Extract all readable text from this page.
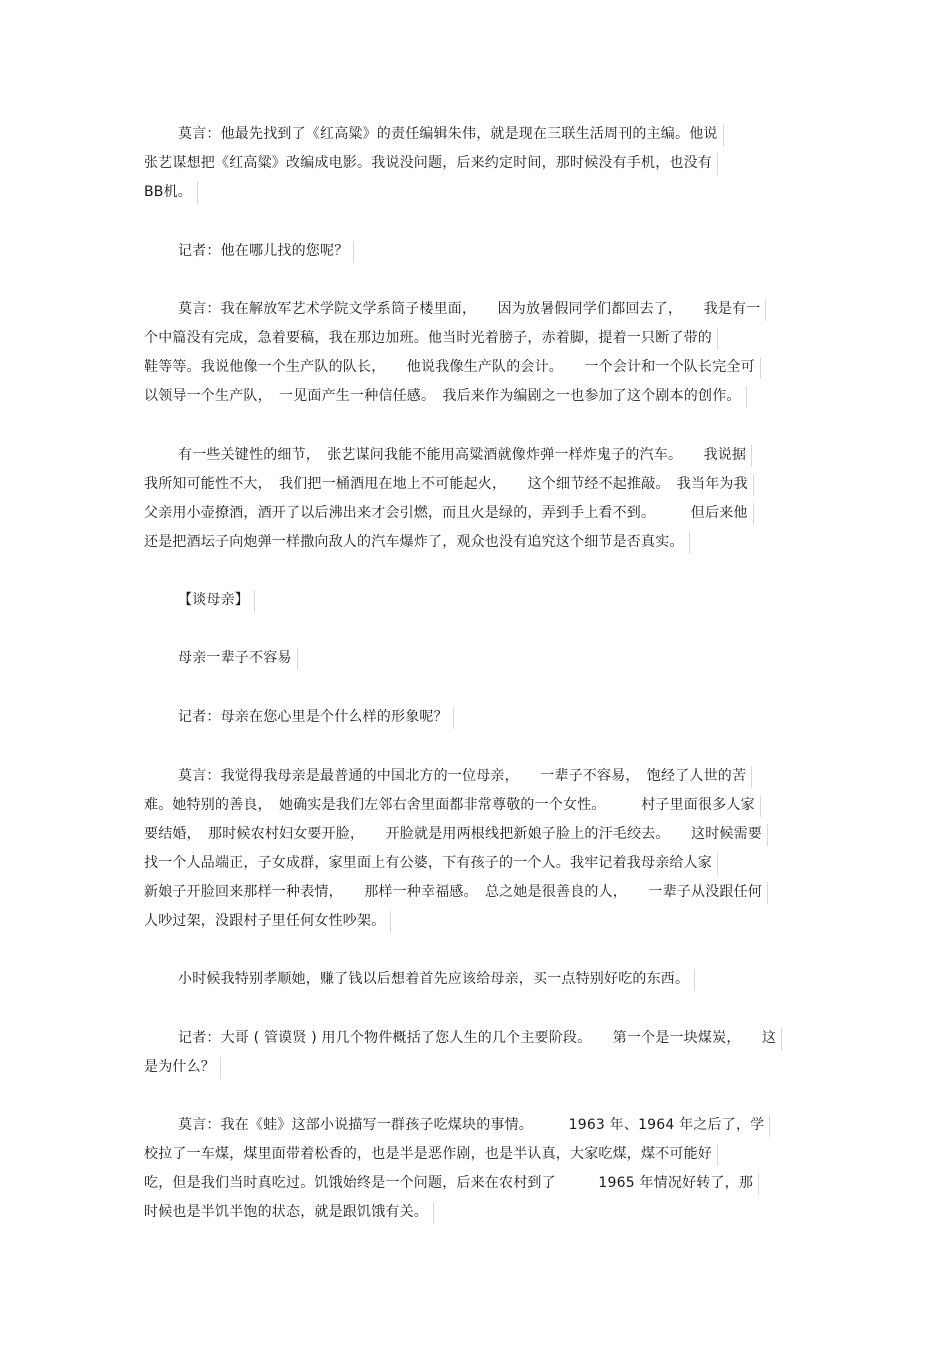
莫言：他最先找到了《红高粱》的责任编辑朱伟，就是现在三联生活周刊的主编。他说
张艺谋想把《红高粱》改编成电影。我说没问题，后来约定时间，那时候没有手机，也没有
BB机。
记者：他在哪儿找的您呢？
莫言：我在解放军艺术学院文学系筒子楼里面，　　因为放暑假同学们都回去了，　　我是有一
个中篇没有完成，急着要稿，我在那边加班。他当时光着膀子，赤着脚，提着一只断了带的
鞋等等。我说他像一个生产队的队长，　　他说我像生产队的会计。　　一个会计和一个队长完全可
以领导一个生产队，　一见面产生一种信任感。　我后来作为编剧之一也参加了这个剧本的创作。
有一些关键性的细节，　张艺谋问我能不能用高粱酒就像炸弹一样炸鬼子的汽车。　　我说据
我所知可能性不大，　我们把一桶酒甩在地上不可能起火，　　这个细节经不起推敲。　我当年为我
父亲用小壶撩酒，酒开了以后沸出来才会引燃，而且火是绿的，弄到手上看不到。　　　但后来他
还是把酒坛子向炮弹一样撒向敌人的汽车爆炸了，观众也没有追究这个细节是否真实。
【谈母亲】
母亲一辈子不容易
记者：母亲在您心里是个什么样的形象呢？
莫言：我觉得我母亲是最普通的中国北方的一位母亲，　　一辈子不容易，　饱经了人世的苦
难。她特别的善良，　她确实是我们左邻右舍里面都非常尊敬的一个女性。　　　村子里面很多人家
要结婚，　那时候农村妇女要开脸，　　开脸就是用两根线把新娘子脸上的汗毛绞去。　　这时候需要
找一个人品端正，子女成群，家里面上有公婆，下有孩子的一个人。我牢记着我母亲给人家
新娘子开脸回来那样一种表情，　　那样一种幸福感。　总之她是很善良的人，　　一辈子从没跟任何
人吵过架，没跟村子里任何女性吵架。
小时候我特别孝顺她，赚了钱以后想着首先应该给母亲，买一点特别好吃的东西。
记者：大哥 ( 管谟贤 ) 用几个物件概括了您人生的几个主要阶段。　　第一个是一块煤炭，　　这
是为什么？
莫言：我在《蛙》这部小说描写一群孩子吃煤块的事情。　　　1963 年、1964 年之后了，学
校拉了一车煤，煤里面带着松香的，也是半是恶作剧，也是半认真，大家吃煤，煤不可能好
吃，但是我们当时真吃过。饥饿始终是一个问题，后来在农村到了　　　1965 年情况好转了，那
时候也是半饥半饱的状态，就是跟饥饿有关。
